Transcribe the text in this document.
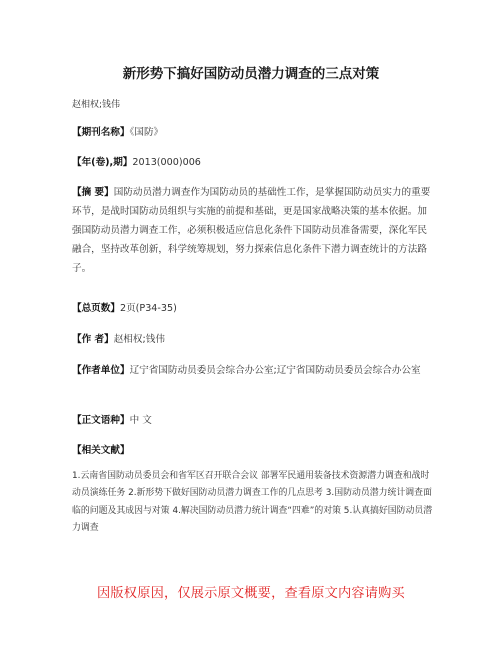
新形势下搞好国防动员潜力调查的三点对策
赵相权;钱伟
【期刊名称】《国防》
【年(卷),期】2013(000)006
【摘 要】国防动员潜力调查作为国防动员的基础性工作，是掌握国防动员实力的重要环节，是战时国防动员组织与实施的前提和基础，更是国家战略决策的基本依据。加强国防动员潜力调查工作，必须积极适应信息化条件下国防动员准备需要，深化军民融合，坚持改革创新，科学统筹规划，努力探索信息化条件下潜力调查统计的方法路子。
【总页数】2页(P34-35)
【作 者】赵相权;钱伟
【作者单位】辽宁省国防动员委员会综合办公室;辽宁省国防动员委员会综合办公室
【正文语种】中 文
【相关文献】
1.云南省国防动员委员会和省军区召开联合会议 部署军民通用装备技术资源潜力调查和战时动员演练任务 2.新形势下做好国防动员潜力调查工作的几点思考 3.国防动员潜力统计调查面临的问题及其成因与对策 4.解决国防动员潜力统计调查“四难”的对策 5.认真搞好国防动员潜力调查
因版权原因，仅展示原文概要，查看原文内容请购买
